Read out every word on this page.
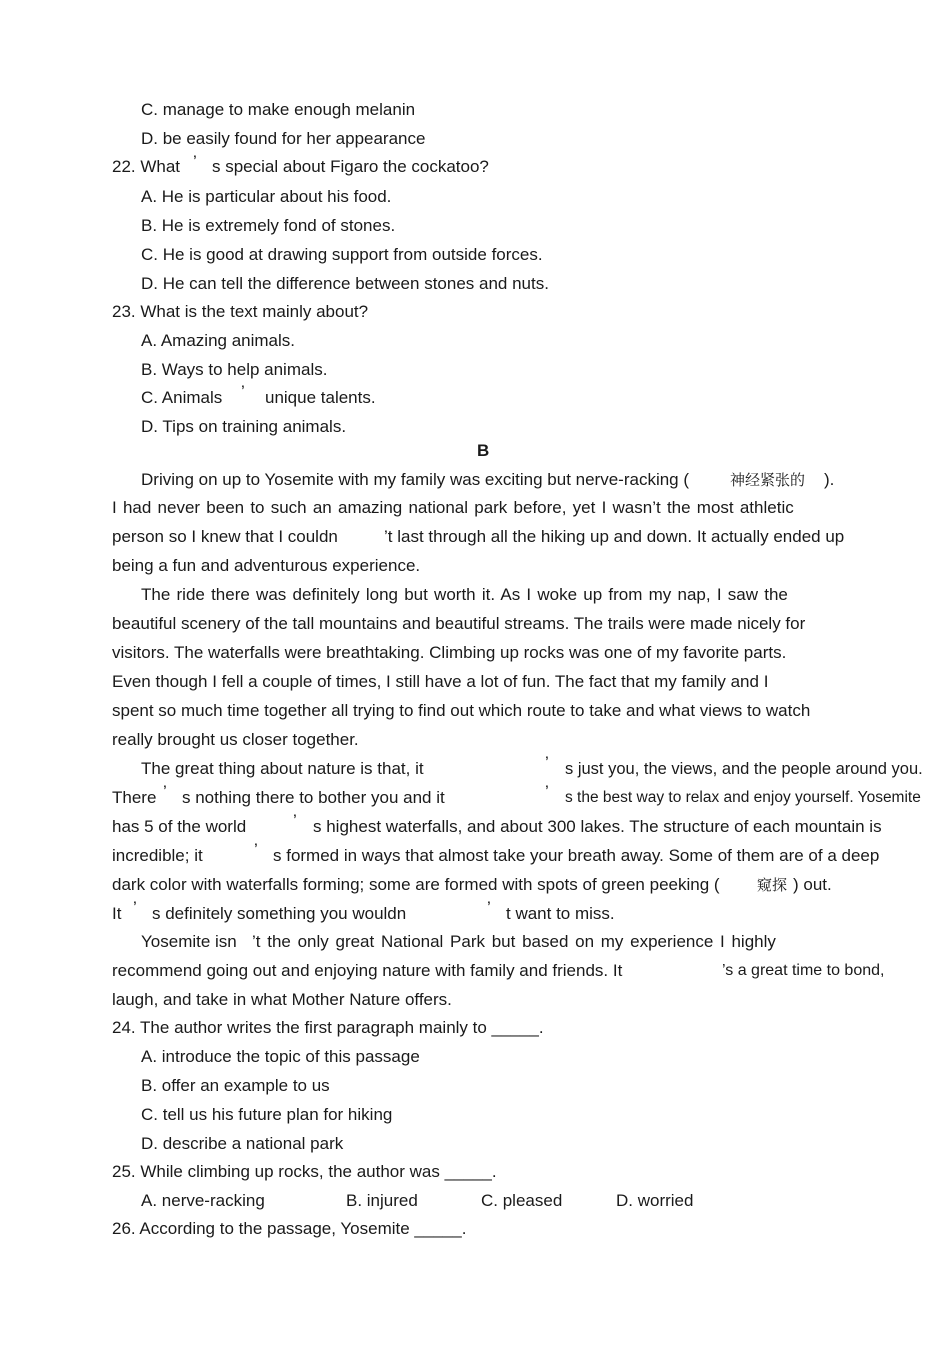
C. manage to make enough melanin
D. be easily found for her appearance
22. What ’ s special about Figaro the cockatoo?
A. He is particular about his food.
B. He is extremely fond of stones.
C. He is good at drawing support from outside forces.
D. He can tell the difference between stones and nuts.
23. What is the text mainly about?
A. Amazing animals.
B. Ways to help animals.
C. Animals ’ unique talents.
D. Tips on training animals.
B
Driving on up to Yosemite with my family was exciting but nerve-racking (	神经紧张的 ).
I had never been to such an amazing national park before, yet I wasn’t the most athletic
person so I knew that I couldn	’t last through all the hiking up and down. It actually ended up
being a fun and adventurous experience.
The ride there was definitely long but worth it. As I woke up from my nap, I saw the
beautiful scenery of the tall mountains and beautiful streams. The trails were made nicely for
visitors. The waterfalls were breathtaking. Climbing up rocks was one of my favorite parts.
Even though I fell a couple of times, I still have a lot of fun. The fact that my family and I
spent so much time together all trying to find out which route to take and what views to watch
really brought us closer together.
The great thing about nature is that, it	’ s just you, the views, and the people around you.
There ’ s nothing there to bother you and it	’ s the best way to relax and enjoy yourself. Yosemite
has 5 of the world	’ s highest waterfalls, and about 300 lakes. The structure of each mountain is
incredible; it	’ s formed in ways that almost take your breath away. Some of them are of a deep
dark color with waterfalls forming; some are formed with spots of green peeking ( 窥探 ) out.
It ’ s definitely something you wouldn	’ t want to miss.
Yosemite isn ’t the only great National Park but based on my experience I highly
recommend going out and enjoying nature with family and friends. It	’s a great time to bond,
laugh, and take in what Mother Nature offers.
24. The author writes the first paragraph mainly to _____.
A. introduce the topic of this passage
B. offer an example to us
C. tell us his future plan for hiking
D. describe a national park
25. While climbing up rocks, the author was _____.
A. nerve-racking	B. injured	C. pleased	D. worried
26. According to the passage, Yosemite _____.
